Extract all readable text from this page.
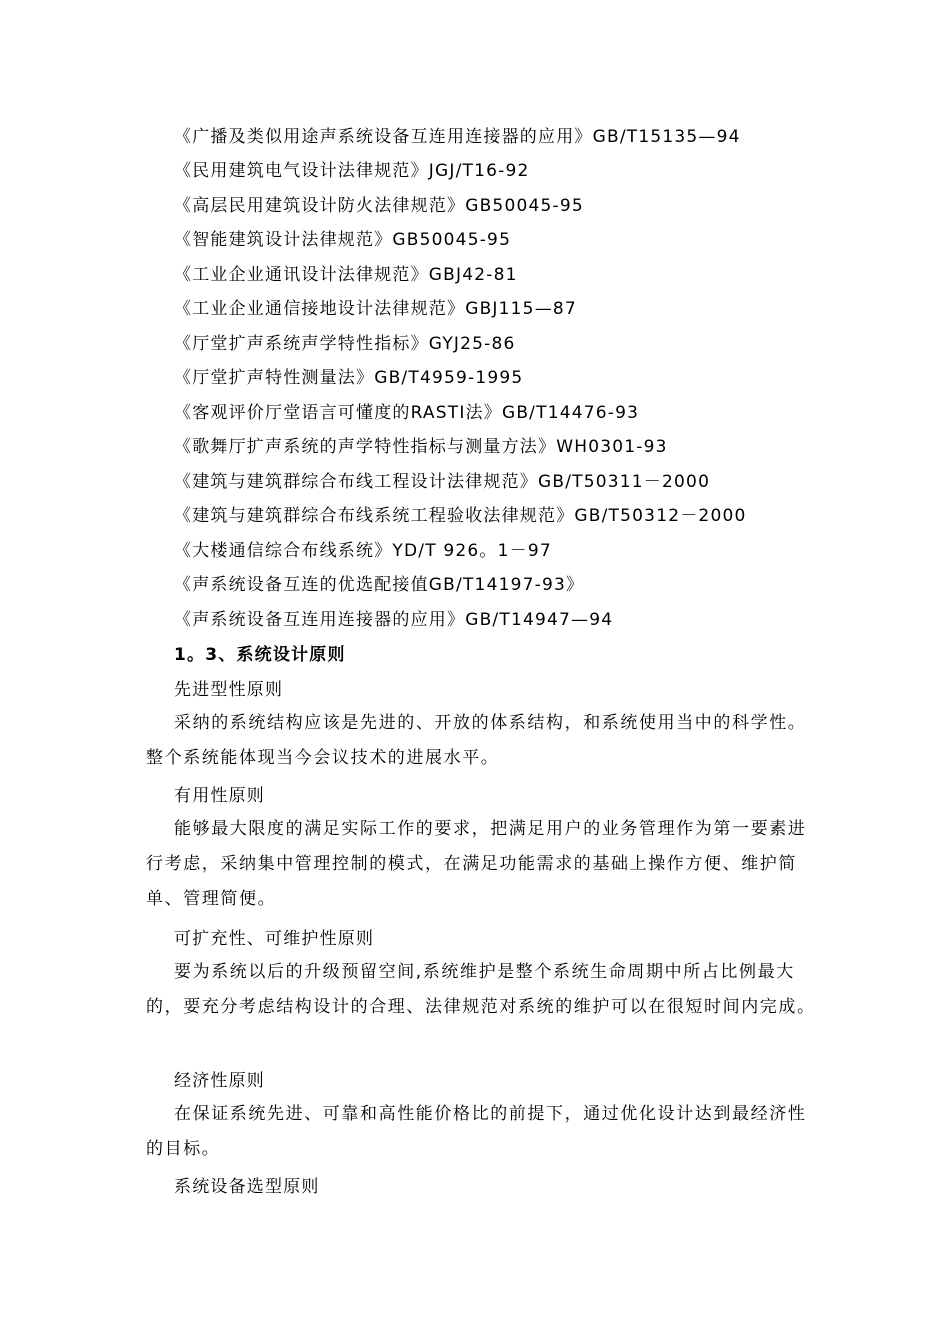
《广播及类似用途声系统设备互连用连接器的应用》GB/T15135—94
《民用建筑电气设计法律规范》JGJ/T16-92
《高层民用建筑设计防火法律规范》GB50045-95
《智能建筑设计法律规范》GB50045-95
《工业企业通讯设计法律规范》GBJ42-81
《工业企业通信接地设计法律规范》GBJ115—87
《厅堂扩声系统声学特性指标》GYJ25-86
《厅堂扩声特性测量法》GB/T4959-1995
《客观评价厅堂语言可懂度的RASTI法》GB/T14476-93
《歌舞厅扩声系统的声学特性指标与测量方法》WH0301-93
《建筑与建筑群综合布线工程设计法律规范》GB/T50311－2000
《建筑与建筑群综合布线系统工程验收法律规范》GB/T50312－2000
《大楼通信综合布线系统》YD/T 926。1－97
《声系统设备互连的优选配接值GB/T14197-93》
《声系统设备互连用连接器的应用》GB/T14947—94
1。3、系统设计原则
先进型性原则
采纳的系统结构应该是先进的、开放的体系结构，和系统使用当中的科学性。整个系统能体现当今会议技术的进展水平。
有用性原则
能够最大限度的满足实际工作的要求，把满足用户的业务管理作为第一要素进行考虑，采纳集中管理控制的模式，在满足功能需求的基础上操作方便、维护简单、管理简便。
可扩充性、可维护性原则
要为系统以后的升级预留空间,系统维护是整个系统生命周期中所占比例最大的，要充分考虑结构设计的合理、法律规范对系统的维护可以在很短时间内完成。
经济性原则
在保证系统先进、可靠和高性能价格比的前提下，通过优化设计达到最经济性的目标。
系统设备选型原则
